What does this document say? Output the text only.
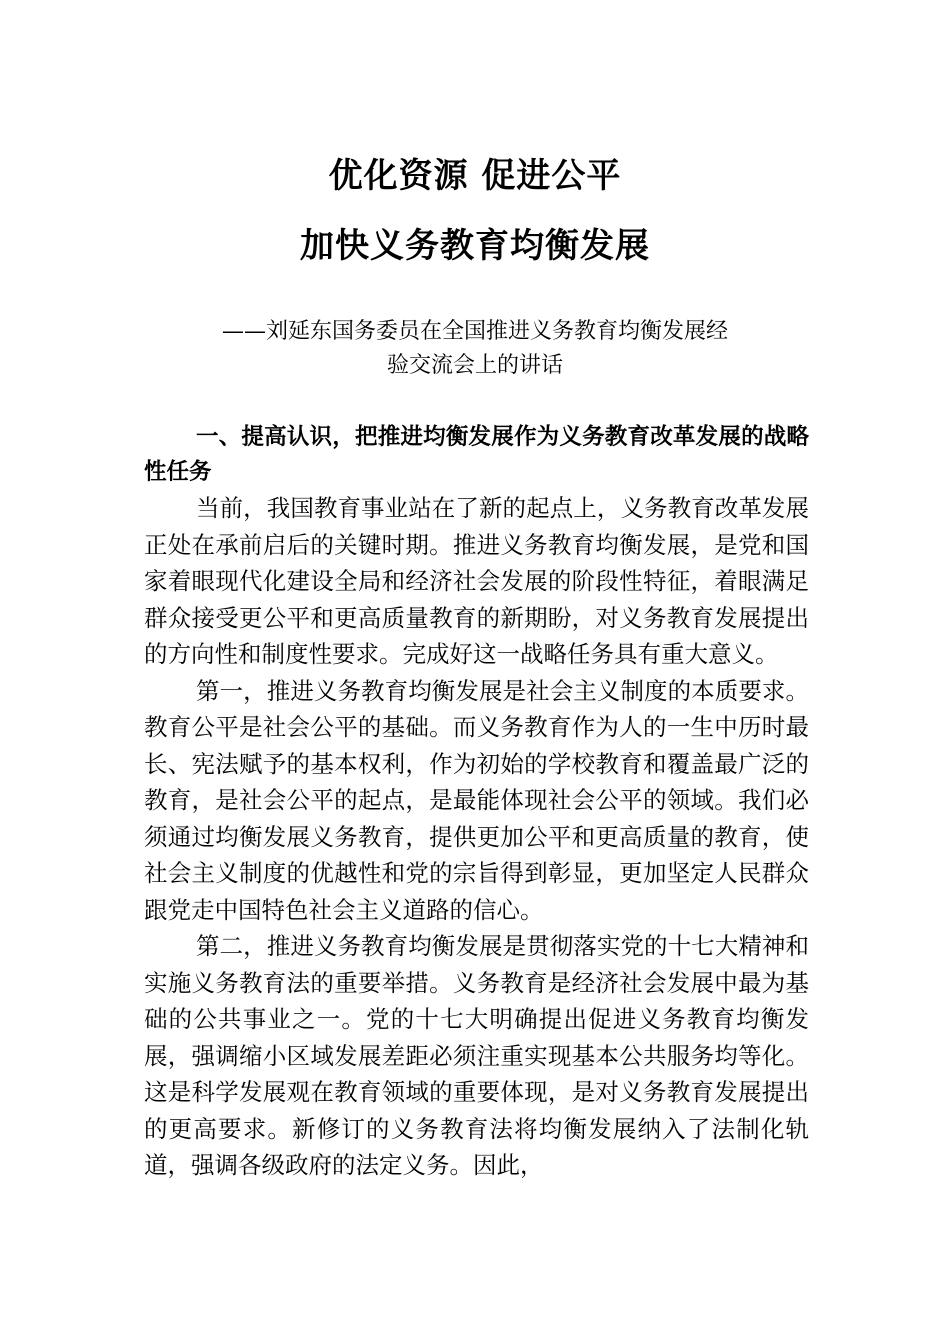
优化资源 促进公平
加快义务教育均衡发展

——刘延东国务委员在全国推进义务教育均衡发展经

验交流会上的讲话

一、提高认识，把推进均衡发展作为义务教育改革发展的战略性任务

当前，我国教育事业站在了新的起点上，义务教育改革发展正处在承前启后的关键时期。推进义务教育均衡发展，是党和国家着眼现代化建设全局和经济社会发展的阶段性特征，着眼满足群众接受更公平和更高质量教育的新期盼，对义务教育发展提出的方向性和制度性要求。完成好这一战略任务具有重大意义。

第一，推进义务教育均衡发展是社会主义制度的本质要求。教育公平是社会公平的基础。而义务教育作为人的一生中历时最长、宪法赋予的基本权利，作为初始的学校教育和覆盖最广泛的教育，是社会公平的起点，是最能体现社会公平的领域。我们必须通过均衡发展义务教育，提供更加公平和更高质量的教育，使社会主义制度的优越性和党的宗旨得到彰显，更加坚定人民群众跟党走中国特色社会主义道路的信心。

第二，推进义务教育均衡发展是贯彻落实党的十七大精神和实施义务教育法的重要举措。义务教育是经济社会发展中最为基础的公共事业之一。党的十七大明确提出促进义务教育均衡发展，强调缩小区域发展差距必须注重实现基本公共服务均等化。这是科学发展观在教育领域的重要体现，是对义务教育发展提出的更高要求。新修订的义务教育法将均衡发展纳入了法制化轨道，强调各级政府的法定义务。因此，
